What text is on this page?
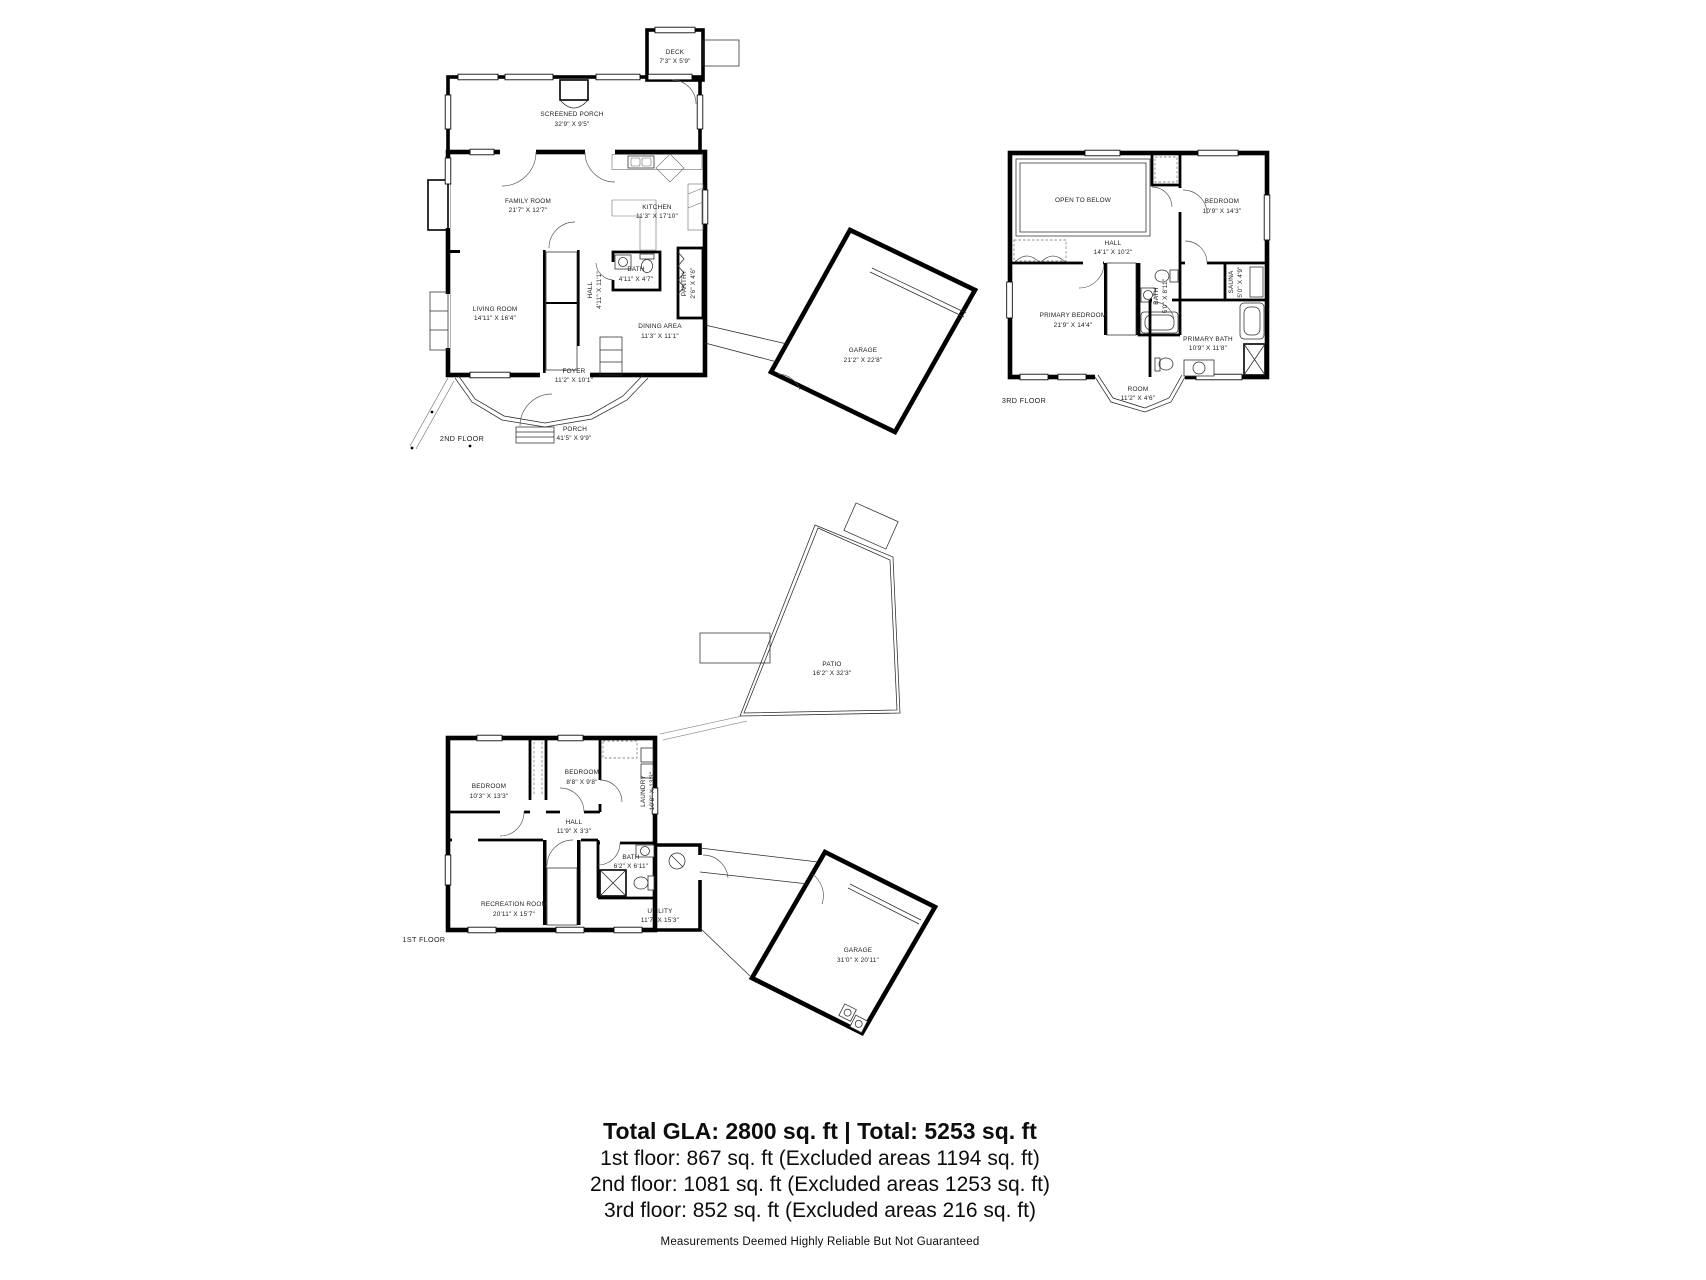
DECK
7'3" X 5'9"
SCREENED PORCH
32'9" X 9'5"
FAMILY ROOM
21'7" X 12'7"	KITCHEN
11'3" X 17'10"
LIVING ROOM
14'11" X 16'4"
HALL 4'11" X 11'1"
BATH
4'11" X 4'7"	PANTRY 2'6" X 4'6"
DINING AREA
11'3" X 11'1"
FOYER
11'2" X 10'1"
PORCH
41'5" X 9'9"
GARAGE
21'2" X 22'8"
2ND FLOOR
OPEN TO BELOW	BEDROOM
10'9" X 14'3"
HALL
14'1" X 10'2"
PRIMARY BEDROOM
21'9" X 14'4"
BATH 5'0" X 8'11"	SAUNA 5'0" X 4'9"
PRIMARY BATH
10'9" X 11'8"
ROOM
11'2" X 4'6"
3RD FLOOR
PATIO
16'2" X 32'3"
BEDROOM
10'3" X 13'3"
BEDROOM
8'8" X 9'8"	LAUNDRY 10'8" X 13'3"
HALL
11'9" X 3'3"
BATH
6'2" X 6'11"
RECREATION ROOM
20'11" X 15'7"	UTILITY
11'7" X 15'3"
GARAGE
31'0" X 20'11"
1ST FLOOR
Total GLA: 2800 sq. ft | Total: 5253 sq. ft
1st floor: 867 sq. ft (Excluded areas 1194 sq. ft)
2nd floor: 1081 sq. ft (Excluded areas 1253 sq. ft)
3rd floor: 852 sq. ft (Excluded areas 216 sq. ft)
Measurements Deemed Highly Reliable But Not Guaranteed
